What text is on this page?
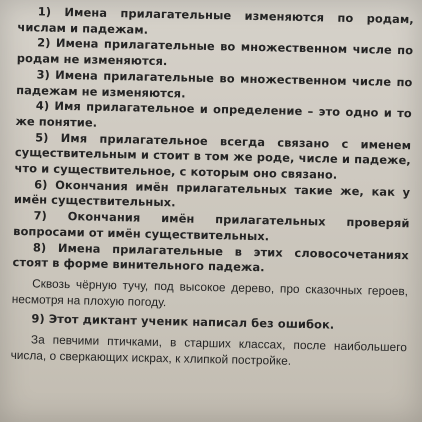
1) Имена прилагательные изменяются по родам, числам и падежам.

2) Имена прилагательные во множественном числе по родам не изменяются.

3) Имена прилагательные во множественном числе по падежам не изменяются.

4) Имя прилагательное и определение – это одно и то же понятие.

5) Имя прилагательное всегда связано с именем существительным и стоит в том же роде, числе и падеже, что и существительное, с которым оно связано.

6) Окончания имён прилагательных такие же, как у имён существительных.

7) Окончания имён прилагательных проверяй вопросами от имён существительных.

8) Имена прилагательные в этих словосочетаниях стоят в форме винительного падежа.

Сквозь чёрную тучу, под высокое дерево, про сказочных героев, несмотря на плохую погоду.

9) Этот диктант ученик написал без ошибок.

За певчими птичками, в старших классах, после наибольшего числа, о сверкающих искрах, к хлипкой постройке.
